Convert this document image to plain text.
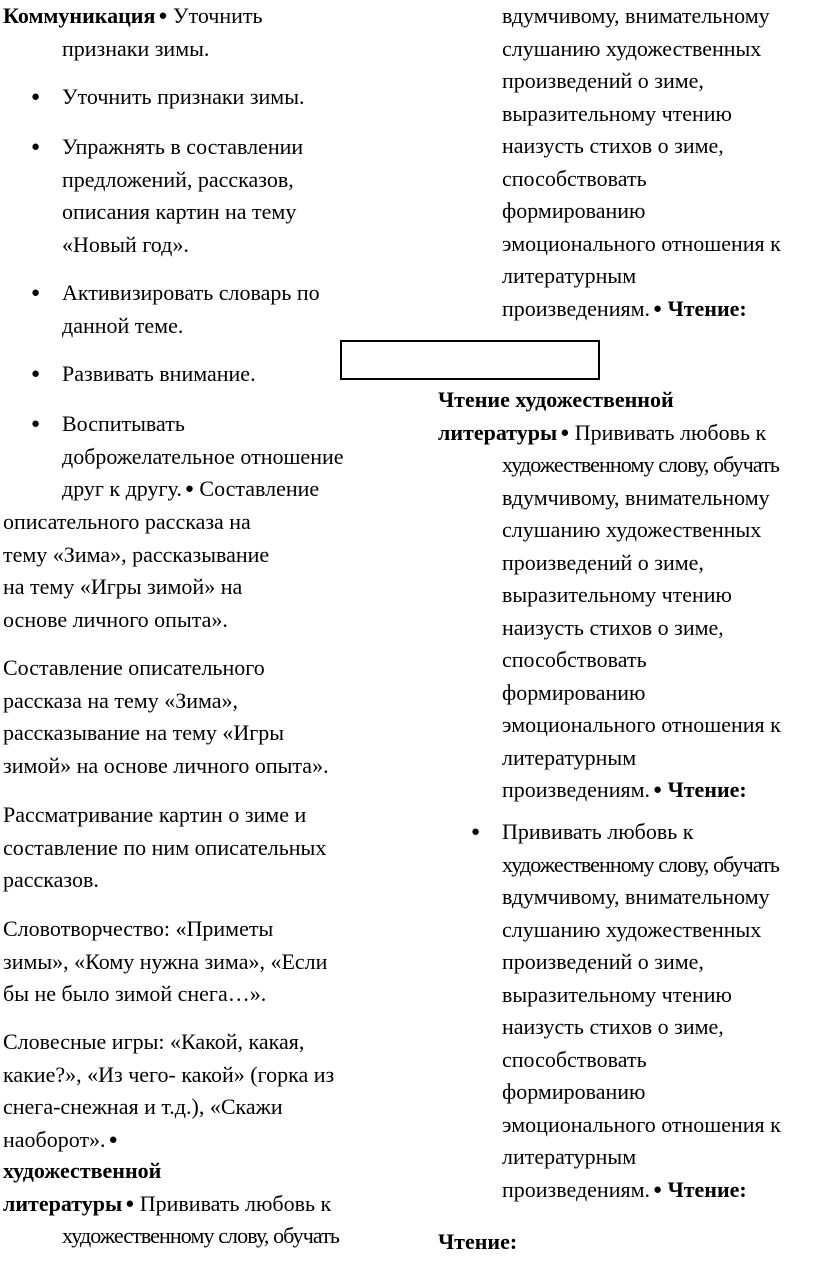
Коммуникация ● Уточнить
признаки зимы.
● Уточнить признаки зимы.
● Упражнять в составлении
предложений, рассказов,
описания картин на тему
«Новый год».
● Активизировать словарь по
данной теме.
● Развивать внимание.
● Воспитывать
доброжелательное отношение
друг к другу. ● Составление
описательного рассказа на
тему «Зима», рассказывание
на тему «Игры зимой» на
основе личного опыта».
Составление описательного
рассказа на тему «Зима»,
рассказывание на тему «Игры
зимой» на основе личного опыта».
Рассматривание картин о зиме и
составление по ним описательных
рассказов.
Словотворчество: «Приметы
зимы», «Кому нужна зима», «Если
бы не было зимой снега…».
Словесные игры: «Какой, какая,
какие?», «Из чего- какой» (горка из
снега-снежная и т.д.), «Скажи
наоборот». ●
художественной
литературы ● Прививать любовь к
художественному слову, обучать
вдумчивому, внимательному
слушанию художественных
произведений о зиме,
выразительному чтению
наизусть стихов о зиме,
способствовать
формированию
эмоционального отношения к
литературным
произведениям. ● Чтение:
Чтение художественной
литературы ● Прививать любовь к
художественному слову, обучать
вдумчивому, внимательному
слушанию художественных
произведений о зиме,
выразительному чтению
наизусть стихов о зиме,
способствовать
формированию
эмоционального отношения к
литературным
произведениям. ● Чтение:
● Прививать любовь к
художественному слову, обучать
вдумчивому, внимательному
слушанию художественных
произведений о зиме,
выразительному чтению
наизусть стихов о зиме,
способствовать
формированию
эмоционального отношения к
литературным
произведениям. ● Чтение:
Чтение:
